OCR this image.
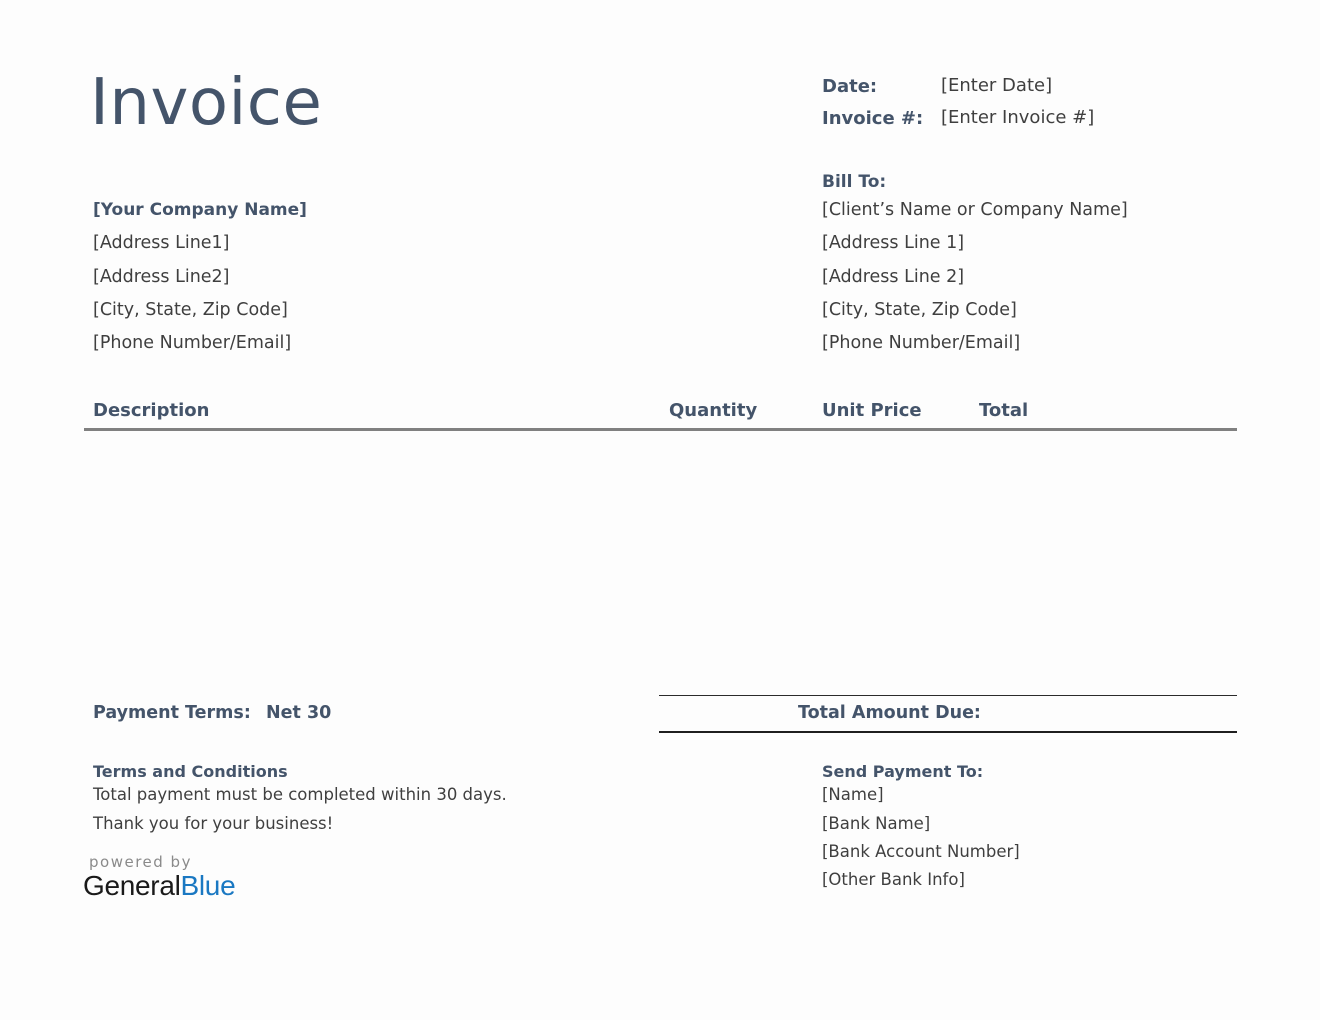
Invoice	Date:	[Enter Date]
Invoice #: [Enter Invoice #]
[Your Company Name]
[Address Line1]
[Address Line2]
[City, State, Zip Code]
[Phone Number/Email]
Bill To:
[Client’s Name or Company Name]
[Address Line 1]
[Address Line 2]
[City, State, Zip Code]
[Phone Number/Email]
Description	Quantity	Unit Price	Total
Payment Terms: Net 30	Total Amount Due:
Terms and Conditions
Total payment must be completed within 30 days.
Thank you for your business!
Send Payment To:
[Name]
[Bank Name]
[Bank Account Number]
[Other Bank Info]
powered by
GeneralBlue
